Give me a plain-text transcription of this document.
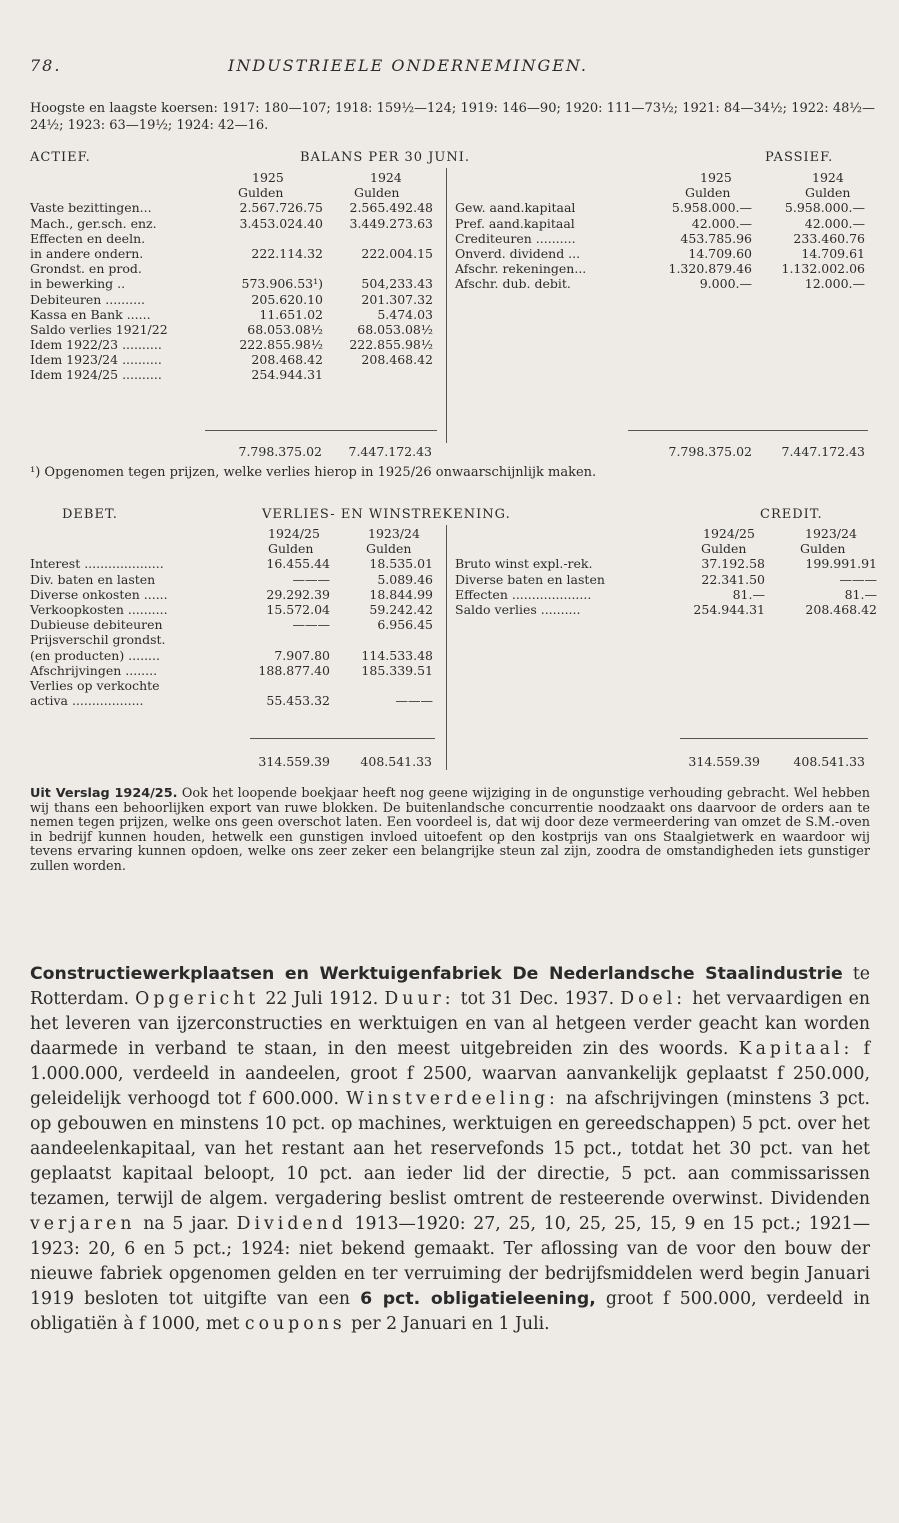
78.	INDUSTRIEELE ONDERNEMINGEN.
Hoogste en laagste koersen: 1917: 180—107; 1918: 159½—124; 1919: 146—90; 1920: 111—73½; 1921: 84—34½; 1922: 48½—24½; 1923: 63—19½; 1924: 42—16.
ACTIEF.	BALANS PER 30 JUNI.	PASSIEF.
1925	1924
Gulden	Gulden
Vaste bezittingen...	2.567.726.75	2.565.492.48
Mach., ger.sch. enz.	3.453.024.40	3.449.273.63
Effecten en deeln.
in andere ondern.	222.114.32	222.004.15
Grondst. en prod.
in bewerking ..	573.906.53¹)	504,233.43
Debiteuren ..........	205.620.10	201.307.32
Kassa en Bank ......	11.651.02	5.474.03
Saldo verlies 1921/22	68.053.08½	68.053.08½
Idem 1922/23 ..........	222.855.98½	222.855.98½
Idem 1923/24 ..........	208.468.42	208.468.42
Idem 1924/25 ..........	254.944.31
1925	1924
Gulden	Gulden
Gew. aand.kapitaal	5.958.000.—	5.958.000.—
Pref. aand.kapitaal	42.000.—	42.000.—
Crediteuren ..........	453.785.96	233.460.76
Onverd. dividend ...	14.709.60	14.709.61
Afschr. rekeningen...	1.320.879.46	1.132.002.06
Afschr. dub. debit.	9.000.—	12.000.—
7.798.375.02	7.447.172.43	7.798.375.02	7.447.172.43
¹) Opgenomen tegen prijzen, welke verlies hierop in 1925/26 onwaarschijnlijk maken.
DEBET.	VERLIES- EN WINSTREKENING.	CREDIT.
1924/25	1923/24
Gulden	Gulden
Interest ....................	16.455.44	18.535.01
Div. baten en lasten	———	5.089.46
Diverse onkosten ......	29.292.39	18.844.99
Verkoopkosten ..........	15.572.04	59.242.42
Dubieuse debiteuren	———	6.956.45
Prijsverschil grondst.
(en producten) ........	7.907.80	114.533.48
Afschrijvingen ........	188.877.40	185.339.51
Verlies op verkochte
activa ..................	55.453.32	———
1924/25	1923/24
Gulden	Gulden
Bruto winst expl.-rek.	37.192.58	199.991.91
Diverse baten en lasten	22.341.50	———
Effecten ....................	81.—	81.—
Saldo verlies ..........	254.944.31	208.468.42
314.559.39	408.541.33	314.559.39	408.541.33
Uit Verslag 1924/25. Ook het loopende boekjaar heeft nog geene wijziging in de ongunstige verhouding gebracht. Wel hebben wij thans een behoorlijken export van ruwe blokken. De buitenlandsche concurrentie noodzaakt ons daarvoor de orders aan te nemen tegen prijzen, welke ons geen overschot laten. Een voordeel is, dat wij door deze vermeerdering van omzet de S.M.-oven in bedrijf kunnen houden, hetwelk een gunstigen invloed uitoefent op den kostprijs van ons Staalgietwerk en waardoor wij tevens ervaring kunnen opdoen, welke ons zeer zeker een belangrijke steun zal zijn, zoodra de omstandigheden iets gunstiger zullen worden.
Constructiewerkplaatsen en Werktuigenfabriek De Nederlandsche Staalindustrie te Rotterdam. Opgericht 22 Juli 1912. Duur: tot 31 Dec. 1937. Doel: het vervaardigen en het leveren van ijzerconstructies en werktuigen en van al hetgeen verder geacht kan worden daarmede in verband te staan, in den meest uitgebreiden zin des woords. Kapitaal: f 1.000.000, verdeeld in aandeelen, groot f 2500, waarvan aanvankelijk geplaatst f 250.000, geleidelijk verhoogd tot f 600.000. Winstverdeeling: na afschrijvingen (minstens 3 pct. op gebouwen en minstens 10 pct. op machines, werktuigen en gereedschappen) 5 pct. over het aandeelenkapitaal, van het restant aan het reservefonds 15 pct., totdat het 30 pct. van het geplaatst kapitaal beloopt, 10 pct. aan ieder lid der directie, 5 pct. aan commissarissen tezamen, terwijl de algem. vergadering beslist omtrent de resteerende overwinst. Dividenden verjaren na 5 jaar. Dividend 1913—1920: 27, 25, 10, 25, 25, 15, 9 en 15 pct.; 1921—1923: 20, 6 en 5 pct.; 1924: niet bekend gemaakt. Ter aflossing van de voor den bouw der nieuwe fabriek opgenomen gelden en ter verruiming der bedrijfsmiddelen werd begin Januari 1919 besloten tot uitgifte van een 6 pct. obligatieleening, groot f 500.000, verdeeld in obligatiën à f 1000, met coupons per 2 Januari en 1 Juli.
